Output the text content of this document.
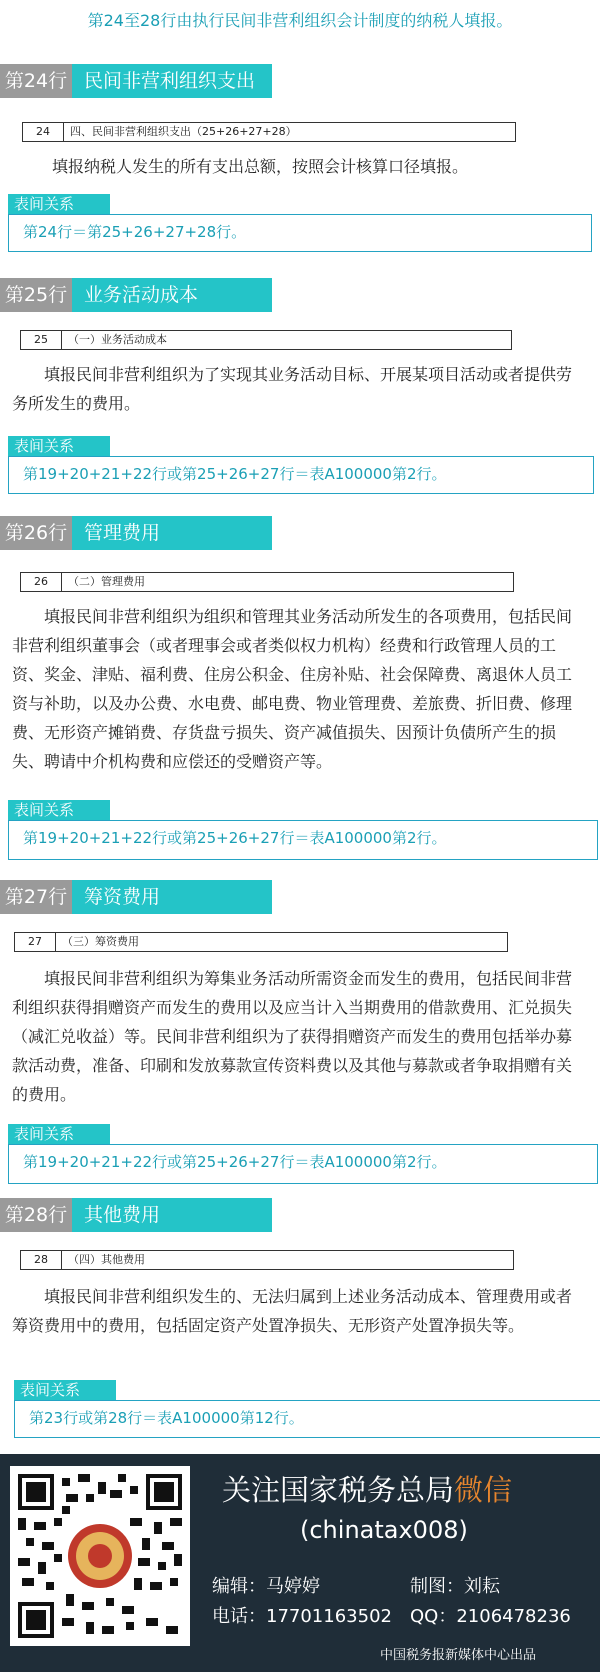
第24至28行由执行民间非营利组织会计制度的纳税人填报。
第24行 民间非营利组织支出
24	四、民间非营利组织支出（25+26+27+28）
填报纳税人发生的所有支出总额，按照会计核算口径填报。
表间关系
第24行＝第25+26+27+28行。
第25行 业务活动成本
25	（一）业务活动成本
填报民间非营利组织为了实现其业务活动目标、开展某项目活动或者提供劳务所发生的费用。
表间关系
第19+20+21+22行或第25+26+27行＝表A100000第2行。
第26行 管理费用
26	（二）管理费用
填报民间非营利组织为组织和管理其业务活动所发生的各项费用，包括民间非营利组织董事会（或者理事会或者类似权力机构）经费和行政管理人员的工资、奖金、津贴、福利费、住房公积金、住房补贴、社会保障费、离退休人员工资与补助，以及办公费、水电费、邮电费、物业管理费、差旅费、折旧费、修理费、无形资产摊销费、存货盘亏损失、资产减值损失、因预计负债所产生的损失、聘请中介机构费和应偿还的受赠资产等。
表间关系
第19+20+21+22行或第25+26+27行＝表A100000第2行。
第27行 筹资费用
27	（三）筹资费用
填报民间非营利组织为筹集业务活动所需资金而发生的费用，包括民间非营利组织获得捐赠资产而发生的费用以及应当计入当期费用的借款费用、汇兑损失（减汇兑收益）等。民间非营利组织为了获得捐赠资产而发生的费用包括举办募款活动费，准备、印刷和发放募款宣传资料费以及其他与募款或者争取捐赠有关的费用。
表间关系
第19+20+21+22行或第25+26+27行＝表A100000第2行。
第28行 其他费用
28	（四）其他费用
填报民间非营利组织发生的、无法归属到上述业务活动成本、管理费用或者筹资费用中的费用，包括固定资产处置净损失、无形资产处置净损失等。
表间关系
第23行或第28行＝表A100000第12行。
关注国家税务总局微信
(chinatax008)
编辑：马婷婷	制图：刘耘
电话：17701163502 QQ：2106478236
中国税务报新媒体中心出品
